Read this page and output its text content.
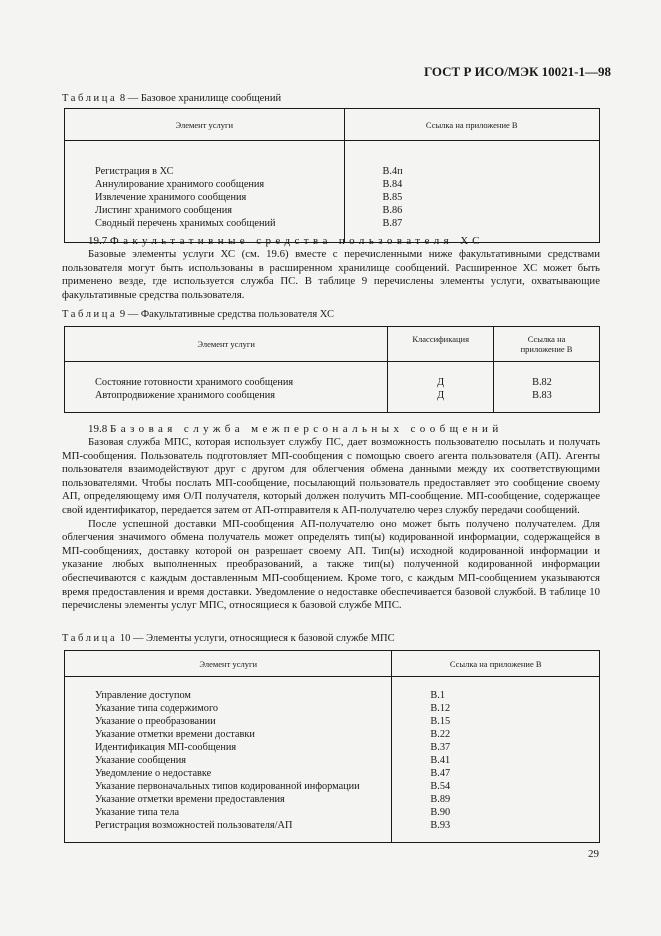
ГОСТ Р ИСО/МЭК 10021-1—98
Таблица 8 — Базовое хранилище сообщений
Элемент услуги	Ссылка на приложение В

Регистрация в ХС	В.4п
Аннулирование хранимого сообщения	В.84
Извлечение хранимого сообщения	В.85
Листинг хранимого сообщения	В.86
Сводный перечень хранимых сообщений	В.87

19.7 Факультативные средства пользователя ХС

Базовые элементы услуги ХС (см. 19.6) вместе с перечисленными ниже факультативными средствами пользователя могут быть использованы в расширенном хранилище сообщений. Расширенное ХС может быть применено везде, где используется служба ПС. В таблице 9 перечислены элементы услуги, охватывающие факультативные средства пользователя.

Таблица 9 — Факультативные средства пользователя ХС
Элемент услуги	Классификация	Ссылка на приложение В

Состояние готовности хранимого сообщения	Д	В.82
Автопродвижение хранимого сообщения	Д	В.83

19.8 Базовая служба межперсональных сообщений

Базовая служба МПС, которая использует службу ПС, дает возможность пользователю посылать и получать МП-сообщения. Пользователь подготовляет МП-сообщения с помощью своего агента пользователя (АП). Агенты пользователя взаимодействуют друг с другом для облегчения обмена данными между их соответствующими пользователями. Чтобы послать МП-сообщение, посылающий пользователь предоставляет это сообщение своему АП, определяющему имя О/П получателя, который должен получить МП-сообщение. МП-сообщение, содержащее свой идентификатор, передается затем от АП-отправителя к АП-получателю через службу передачи сообщений.

После успешной доставки МП-сообщения АП-получателю оно может быть получено получателем. Для облегчения значимого обмена получатель может определять тип(ы) кодированной информации, содержащейся в МП-сообщениях, доставку которой он разрешает своему АП. Тип(ы) исходной кодированной информации и указание любых выполненных преобразований, а также тип(ы) полученной кодированной информации обеспечиваются с каждым доставленным МП-сообщением. Кроме того, с каждым МП-сообщением указываются время предоставления и время доставки. Уведомление о недоставке обеспечивается базовой службой. В таблице 10 перечислены элементы услуг МПС, относящиеся к базовой службе МПС.

Таблица 10 — Элементы услуги, относящиеся к базовой службе МПС
Элемент услуги	Ссылка на приложение В

Управление доступом	В.1
Указание типа содержимого	В.12
Указание о преобразовании	В.15
Указание отметки времени доставки	В.22
Идентификация МП-сообщения	В.37
Указание сообщения	В.41
Уведомление о недоставке	В.47
Указание первоначальных типов кодированной информации	В.54
Указание отметки времени предоставления	В.89
Указание типа тела	В.90
Регистрация возможностей пользователя/АП	В.93

29
